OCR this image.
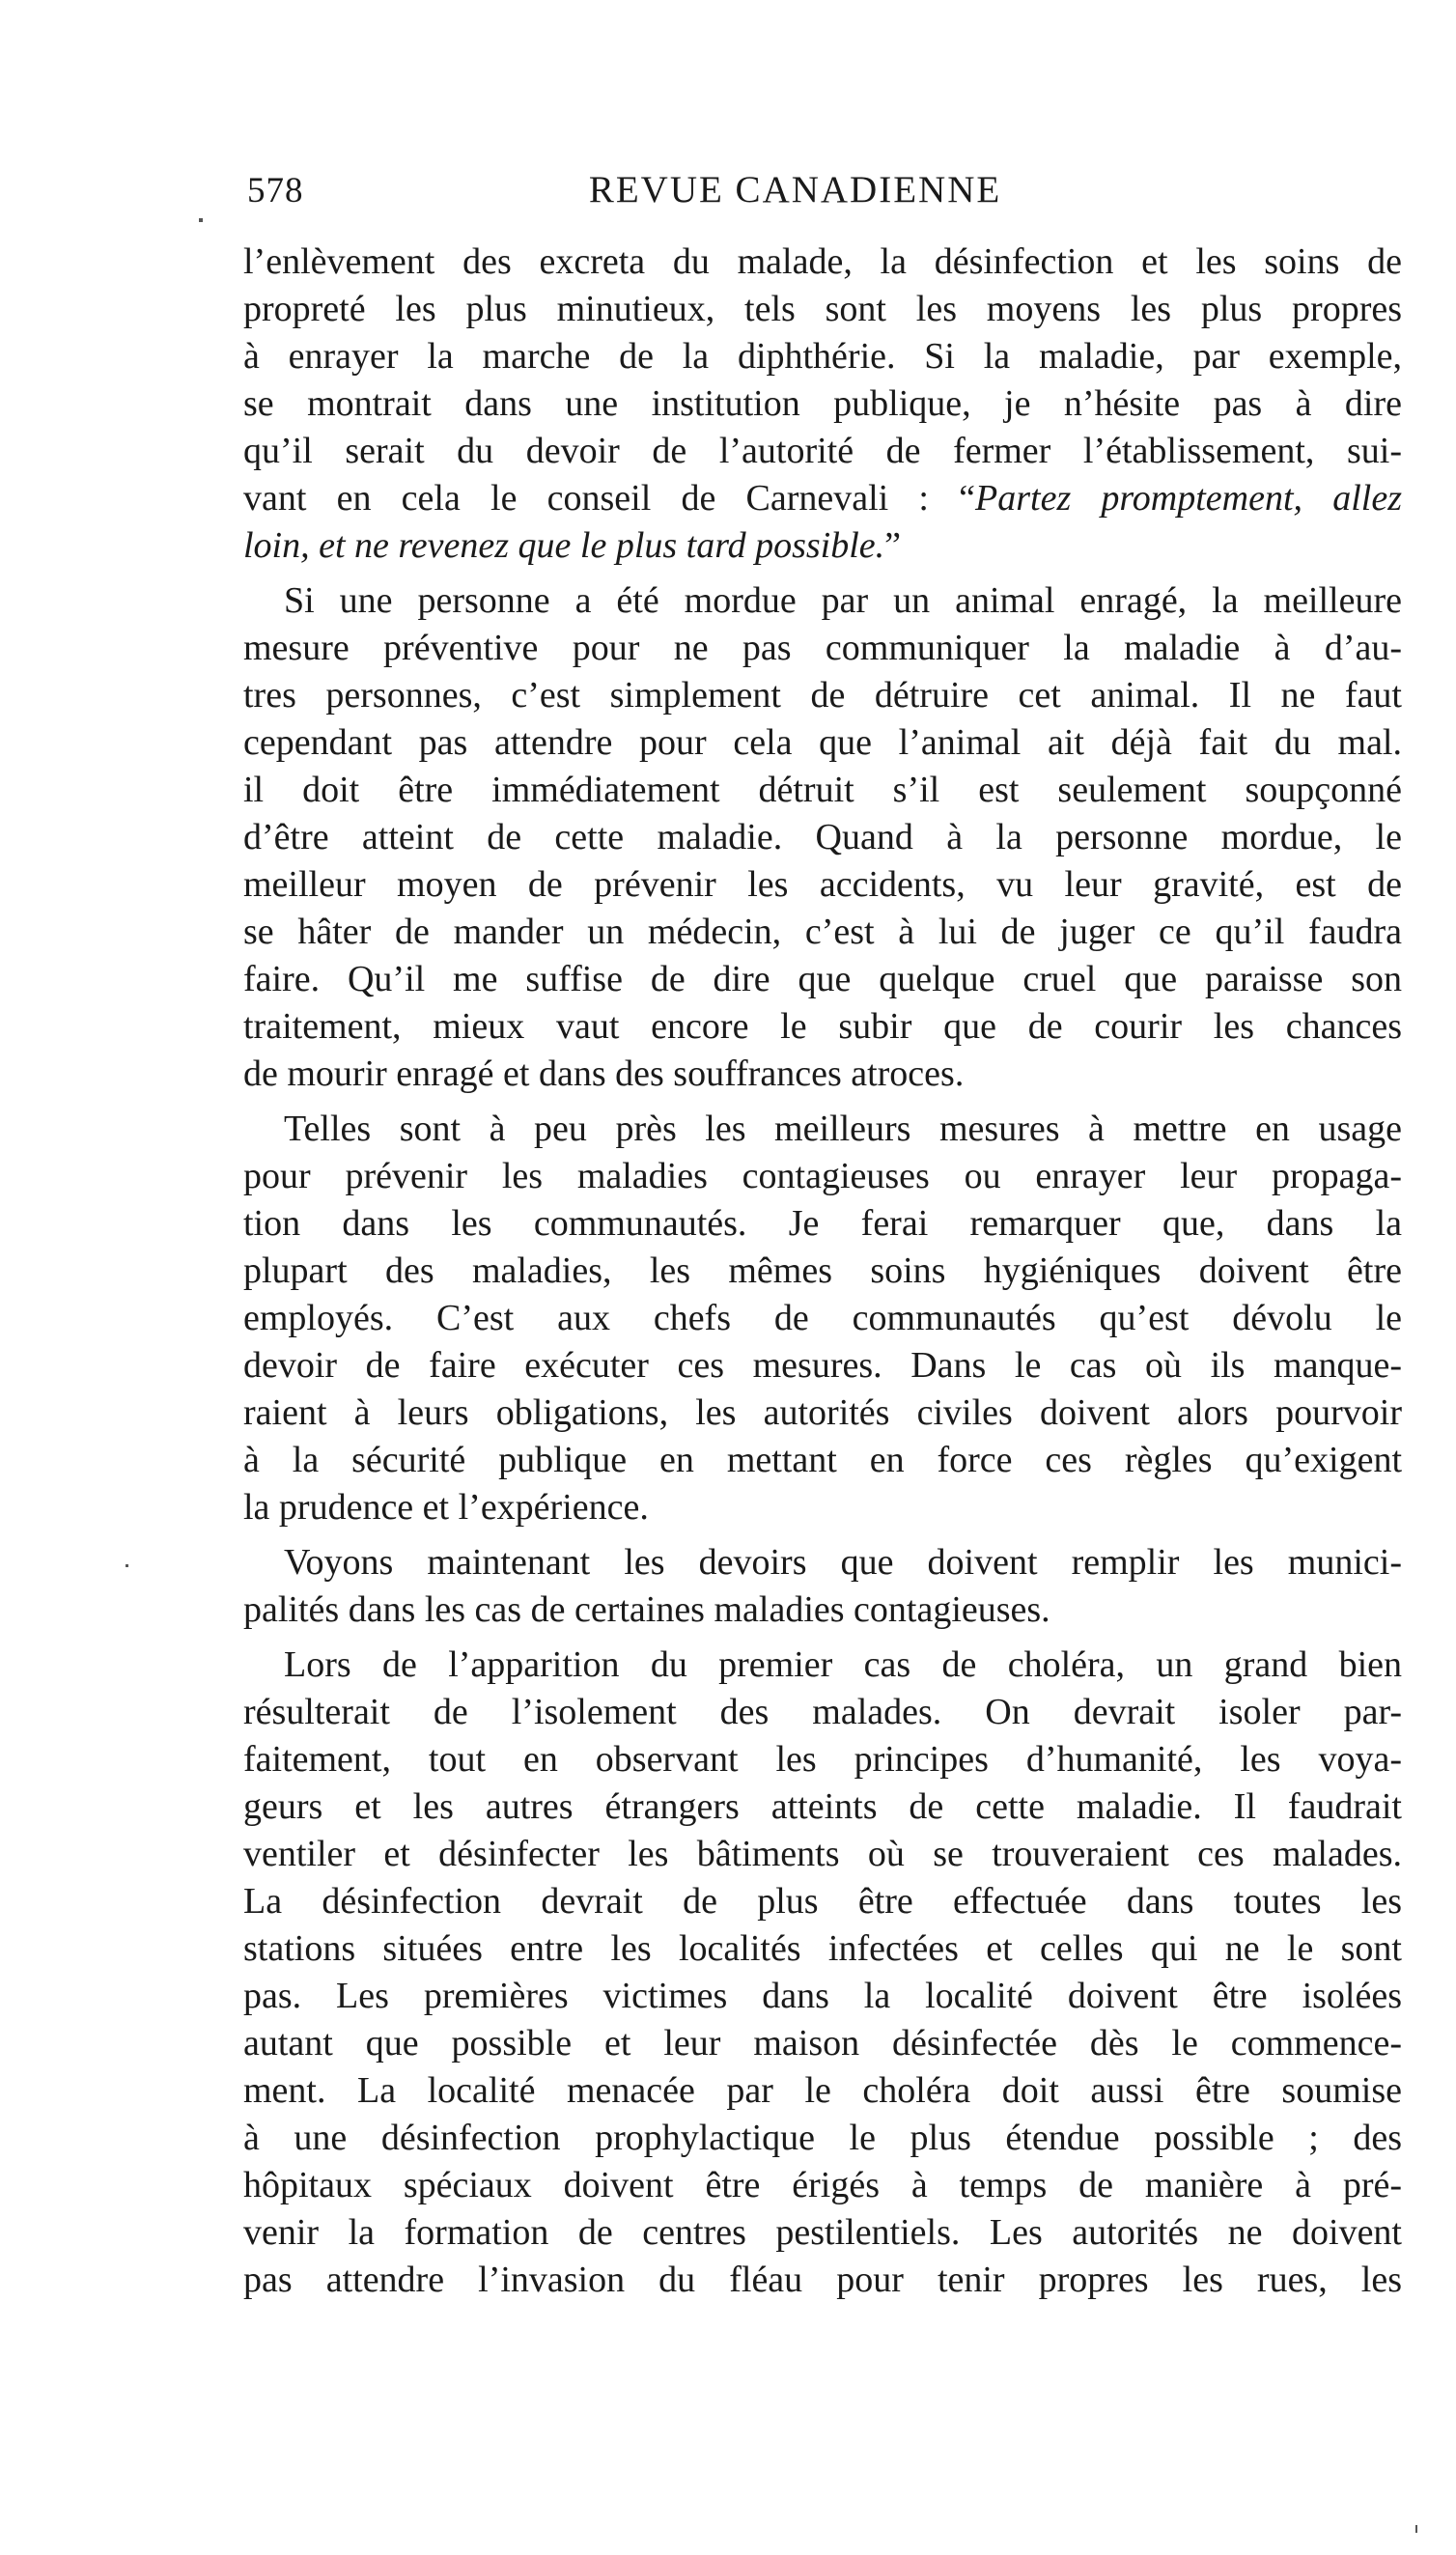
578	REVUE CANADIENNE
l’enlèvement des excreta du malade, la désinfection et les soins de
propreté les plus minutieux, tels sont les moyens les plus propres
à enrayer la marche de la diphthérie. Si la maladie, par exemple,
se montrait dans une institution publique, je n’hésite pas à dire
qu’il serait du devoir de l’autorité de fermer l’établissement, sui-
vant en cela le conseil de Carnevali : “Partez promptement, allez
loin, et ne revenez que le plus tard possible.”
Si une personne a été mordue par un animal enragé, la meilleure
mesure préventive pour ne pas communiquer la maladie à d’au-
tres personnes, c’est simplement de détruire cet animal. Il ne faut
cependant pas attendre pour cela que l’animal ait déjà fait du mal.
il doit être immédiatement détruit s’il est seulement soupçonné
d’être atteint de cette maladie. Quand à la personne mordue, le
meilleur moyen de prévenir les accidents, vu leur gravité, est de
se hâter de mander un médecin, c’est à lui de juger ce qu’il faudra
faire. Qu’il me suffise de dire que quelque cruel que paraisse son
traitement, mieux vaut encore le subir que de courir les chances
de mourir enragé et dans des souffrances atroces.
Telles sont à peu près les meilleurs mesures à mettre en usage
pour prévenir les maladies contagieuses ou enrayer leur propaga-
tion dans les communautés. Je ferai remarquer que, dans la
plupart des maladies, les mêmes soins hygiéniques doivent être
employés. C’est aux chefs de communautés qu’est dévolu le
devoir de faire exécuter ces mesures. Dans le cas où ils manque-
raient à leurs obligations, les autorités civiles doivent alors pourvoir
à la sécurité publique en mettant en force ces règles qu’exigent
la prudence et l’expérience.
Voyons maintenant les devoirs que doivent remplir les munici-
palités dans les cas de certaines maladies contagieuses.
Lors de l’apparition du premier cas de choléra, un grand bien
résulterait de l’isolement des malades. On devrait isoler par-
faitement, tout en observant les principes d’humanité, les voya-
geurs et les autres étrangers atteints de cette maladie. Il faudrait
ventiler et désinfecter les bâtiments où se trouveraient ces malades.
La désinfection devrait de plus être effectuée dans toutes les
stations situées entre les localités infectées et celles qui ne le sont
pas. Les premières victimes dans la localité doivent être isolées
autant que possible et leur maison désinfectée dès le commence-
ment. La localité menacée par le choléra doit aussi être soumise
à une désinfection prophylactique le plus étendue possible ; des
hôpitaux spéciaux doivent être érigés à temps de manière à pré-
venir la formation de centres pestilentiels. Les autorités ne doivent
pas attendre l’invasion du fléau pour tenir propres les rues, les
